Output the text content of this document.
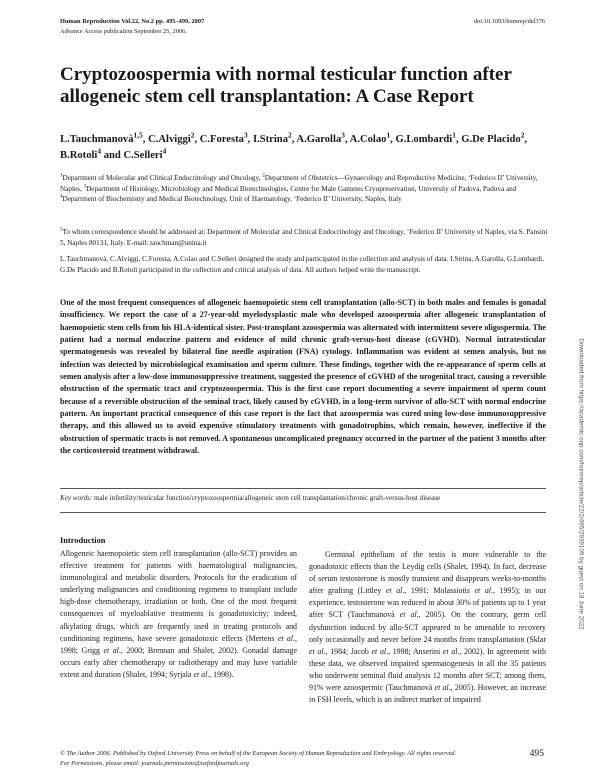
Human Reproduction Vol.22, No.2 pp. 495–499, 2007
Advance Access publication September 25, 2006.
doi:10.1093/humrep/del376
Cryptozoospermia with normal testicular function after allogeneic stem cell transplantation: A Case Report
L.Tauchmanovà$^{1,5}$, C.Alviggi$^2$, C.Foresta$^3$, I.Strina$^2$, A.Garolla$^3$, A.Colao$^1$, G.Lombardi$^1$, G.De Placido$^2$, B.Rotoli$^4$ and C.Selleri$^4$
$^1$Department of Molecular and Clinical Endocrinology and Oncology, $^2$Department of Obstetrics—Gynaecology and Reproductive Medicine, ‘Federico II’ University, Naples, $^3$Department of Histology, Microbiology and Medical Biotechnologies, Centre for Male Gametes Cryopreservation, University of Padova, Padova and $^4$Department of Biochemistry and Medical Biotechnology, Unit of Haematology, ‘Federico II’ University, Naples, Italy
$^5$To whom correspondence should be addressed at: Department of Molecular and Clinical Endocrinology and Oncology, ‘Federico II’ University of Naples, via S. Pansini 5, Naples 80131, Italy. E-mail: tauchman@unina.it
L.Tauchmanovà, C.Alviggi, C.Foresta, A.Colao and C.Selleri designed the study and participated in the collection and analysis of data. I.Strina, A.Garolla, G.Lombardi, G.De Placido and B.Rotoli participated in the collection and critical analysis of data. All authors helped write the manuscript.
One of the most frequent consequences of allogeneic haemopoietic stem cell transplantation (allo-SCT) in both males and females is gonadal insufficiency. We report the case of a 27-year-old myelodysplastic male who developed azoospermia after allogeneic transplantation of haemopoietic stem cells from his HLA-identical sister. Post-transplant azoospermia was alternated with intermittent severe oligospermia. The patient had a normal endocrine pattern and evidence of mild chronic graft-versus-host disease (cGVHD). Normal intratesticular spermatogenesis was revealed by bilateral fine needle aspiration (FNA) cytology. Inflammation was evident at semen analysis, but no infection was detected by microbiological examination and sperm culture. These findings, together with the re-appearance of sperm cells at semen analysis after a low-dose immunosuppressive treatment, suggested the presence of cGVHD of the urogenital tract, causing a reversible obstruction of the spermatic tract and cryptozoospermia. This is the first case report documenting a severe impairment of sperm count because of a reversible obstruction of the seminal tract, likely caused by cGVHD, in a long-term survivor of allo-SCT with normal endocrine pattern. An important practical consequence of this case report is the fact that azoospermia was cured using low-dose immunosuppressive therapy, and this allowed us to avoid expensive stimulatory treatments with gonadotrophins, which remain, however, ineffective if the obstruction of spermatic tracts is not removed. A spontaneous uncomplicated pregnancy occurred in the partner of the patient 3 months after the corticosteroid treatment withdrawal.
Key words: male infertility/testicular function/cryptozoospermia/allogeneic stem cell transplantation/chronic graft-versus-host disease
Introduction

Allogeneic haemopoietic stem cell transplantation (allo-SCT) provides an effective treatment for patients with haematological malignancies, immunological and metabolic disorders. Protocols for the eradication of underlying malignancies and conditioning regimens to transplant include high-dose chemotherapy, irradiation or both. One of the most frequent consequences of myeloablative treatments is gonadotoxicity; indeed, alkylating drugs, which are frequently used in treating protocols and conditioning regimens, have severe gonadotoxic effects (Mertens et al., 1998; Grigg et al., 2000; Brennan and Shalet, 2002). Gonadal damage occurs early after chemotherapy or radiotherapy and may have variable extent and duration (Shalet, 1994; Syrjala et al., 1998).

Germinal epithelium of the testis is more vulnerable to the gonadotoxic effects than the Leydig cells (Shalet, 1994). In fact, decrease of serum testosterone is mostly transient and disappears weeks-to-months after grafting (Littley et al., 1991; Molassiotis et al., 1995); in our experience, testosterone was reduced in about 30% of patients up to 1 year after SCT (Tauchmanovà et al., 2005). On the contrary, germ cell dysfunction induced by allo-SCT appeared to be amenable to recovery only occasionally and never before 24 months from transplantation (Sklar et al., 1984; Jacob et al., 1998; Anserini et al., 2002). In agreement with these data, we observed impaired spermatogenesis in all the 35 patients who underwent seminal fluid analysis 12 months after SCT; among them, 91% were azoospermic (Tauchmanovà et al., 2005). However, an increase in FSH levels, which is an indirect marker of impaired

© The Author 2006. Published by Oxford University Press on behalf of the European Society of Human Reproduction and Embryology. All rights reserved.
For Permissions, please email: journals.permissions@oxfordjournals.org
495
Downloaded from https://academic.oup.com/humrep/article/22/2/495/2939109 by guest on 18 June 2022
